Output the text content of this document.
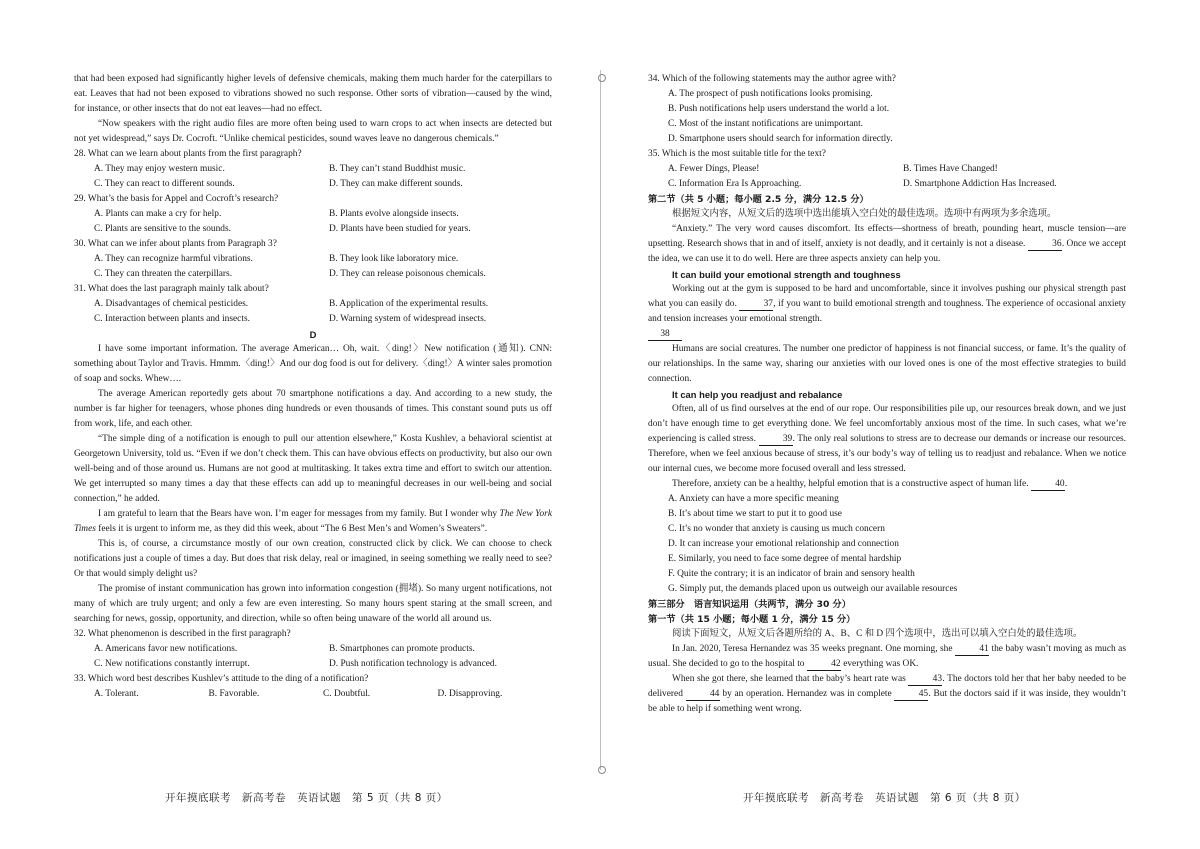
that had been exposed had significantly higher levels of defensive chemicals, making them much harder for the caterpillars to eat. Leaves that had not been exposed to vibrations showed no such response. Other sorts of vibration—caused by the wind, for instance, or other insects that do not eat leaves—had no effect.

“Now speakers with the right audio files are more often being used to warn crops to act when insects are detected but not yet widespread,” says Dr. Cocroft. “Unlike chemical pesticides, sound waves leave no dangerous chemicals.”

28. What can we learn about plants from the first paragraph?

A. They may enjoy western music.	B. They can’t stand Buddhist music.
C. They can react to different sounds.	D. They can make different sounds.

29. What’s the basis for Appel and Cocroft’s research?

A. Plants can make a cry for help.	B. Plants evolve alongside insects.
C. Plants are sensitive to the sounds.	D. Plants have been studied for years.

30. What can we infer about plants from Paragraph 3?

A. They can recognize harmful vibrations.	B. They look like laboratory mice.
C. They can threaten the caterpillars.	D. They can release poisonous chemicals.

31. What does the last paragraph mainly talk about?

A. Disadvantages of chemical pesticides.	B. Application of the experimental results.
C. Interaction between plants and insects.	D. Warning system of widespread insects.

D

I have some important information. The average American… Oh, wait.〈ding!〉New notification (通知). CNN: something about Taylor and Travis. Hmmm.〈ding!〉And our dog food is out for delivery.〈ding!〉A winter sales promotion of soap and socks. Whew….

The average American reportedly gets about 70 smartphone notifications a day. And according to a new study, the number is far higher for teenagers, whose phones ding hundreds or even thousands of times. This constant sound puts us off from work, life, and each other.

“The simple ding of a notification is enough to pull our attention elsewhere,” Kosta Kushlev, a behavioral scientist at Georgetown University, told us. “Even if we don’t check them. This can have obvious effects on productivity, but also our own well-being and of those around us. Humans are not good at multitasking. It takes extra time and effort to switch our attention. We get interrupted so many times a day that these effects can add up to meaningful decreases in our well-being and social connection,” he added.

I am grateful to learn that the Bears have won. I’m eager for messages from my family. But I wonder why The New York Times feels it is urgent to inform me, as they did this week, about “The 6 Best Men’s and Women’s Sweaters”.

This is, of course, a circumstance mostly of our own creation, constructed click by click. We can choose to check notifications just a couple of times a day. But does that risk delay, real or imagined, in seeing something we really need to see? Or that would simply delight us?

The promise of instant communication has grown into information congestion (拥堵). So many urgent notifications, not many of which are truly urgent; and only a few are even interesting. So many hours spent staring at the small screen, and searching for news, gossip, opportunity, and direction, while so often being unaware of the world all around us.

32. What phenomenon is described in the first paragraph?

A. Americans favor new notifications.	B. Smartphones can promote products.
C. New notifications constantly interrupt.	D. Push notification technology is advanced.

33. Which word best describes Kushlev’s attitude to the ding of a notification?

A. Tolerant.	B. Favorable.	C. Doubtful.	D. Disapproving.

34. Which of the following statements may the author agree with?

A. The prospect of push notifications looks promising.

B. Push notifications help users understand the world a lot.

C. Most of the instant notifications are unimportant.

D. Smartphone users should search for information directly.

35. Which is the most suitable title for the text?

A. Fewer Dings, Please!	B. Times Have Changed!
C. Information Era Is Approaching.	D. Smartphone Addiction Has Increased.

第二节（共 5 小题；每小题 2.5 分，满分 12.5 分）

根据短文内容，从短文后的选项中选出能填入空白处的最佳选项。选项中有两项为多余选项。

“Anxiety.” The very word causes discomfort. Its effects—shortness of breath, pounding heart, muscle tension—are upsetting. Research shows that in and of itself, anxiety is not deadly, and it certainly is not a disease.	36. Once we accept the idea, we can use it to do well. Here are three aspects anxiety can help you.

It can build your emotional strength and toughness

Working out at the gym is supposed to be hard and uncomfortable, since it involves pushing our physical strength past what you can easily do.	37, if you want to build emotional strength and toughness. The experience of occasional anxiety and tension increases your emotional strength.

38

Humans are social creatures. The number one predictor of happiness is not financial success, or fame. It’s the quality of our relationships. In the same way, sharing our anxieties with our loved ones is one of the most effective strategies to build connection.

It can help you readjust and rebalance

Often, all of us find ourselves at the end of our rope. Our responsibilities pile up, our resources break down, and we just don’t have enough time to get everything done. We feel uncomfortably anxious most of the time. In such cases, what we’re experiencing is called stress.	39. The only real solutions to stress are to decrease our demands or increase our resources. Therefore, when we feel anxious because of stress, it’s our body’s way of telling us to readjust and rebalance. When we notice our internal cues, we become more focused overall and less stressed.

Therefore, anxiety can be a healthy, helpful emotion that is a constructive aspect of human life.	40.

A. Anxiety can have a more specific meaning

B. It’s about time we start to put it to good use

C. It’s no wonder that anxiety is causing us much concern

D. It can increase your emotional relationship and connection

E. Similarly, you need to face some degree of mental hardship

F. Quite the contrary; it is an indicator of brain and sensory health

G. Simply put, the demands placed upon us outweigh our available resources

第三部分　语言知识运用（共两节，满分 30 分）

第一节（共 15 小题；每小题 1 分，满分 15 分）

阅读下面短文，从短文后各题所给的 A、B、C 和 D 四个选项中，选出可以填入空白处的最佳选项。

In Jan. 2020, Teresa Hernandez was 35 weeks pregnant. One morning, she	41 the baby wasn’t moving as much as usual. She decided to go to the hospital to	42 everything was OK.

When she got there, she learned that the baby’s heart rate was	43. The doctors told her that her baby needed to be delivered	44 by an operation. Hernandez was in complete	45. But the doctors said if it was inside, they wouldn’t be able to help if something went wrong.

开年摸底联考　新高考卷　英语试题　第 5 页（共 8 页）	开年摸底联考　新高考卷　英语试题　第 6 页（共 8 页）
